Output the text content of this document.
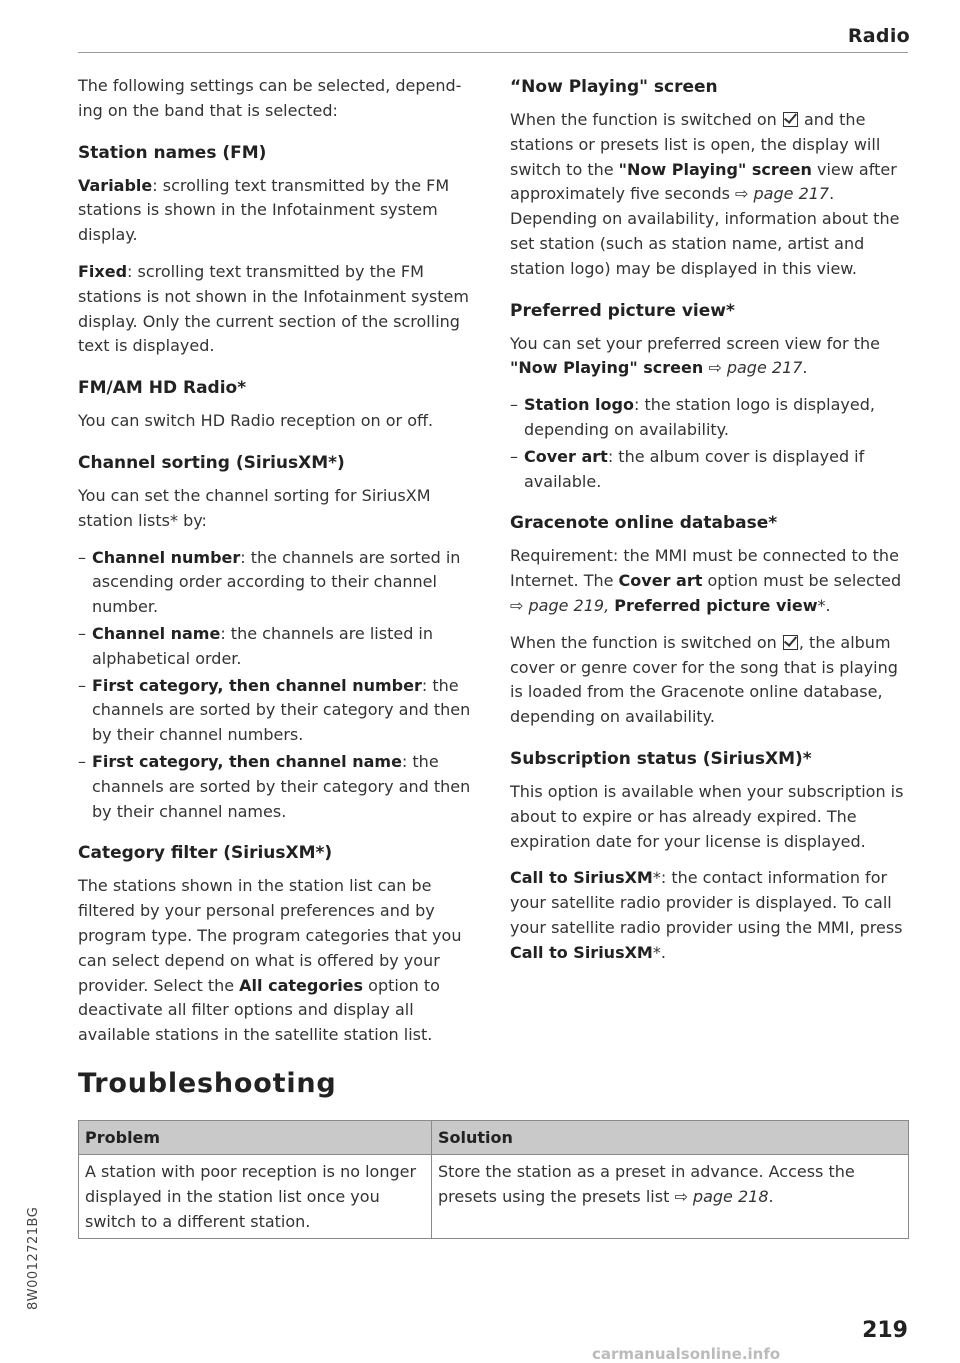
Radio

The following settings can be selected, depend-ing on the band that is selected:

Station names (FM)

Variable: scrolling text transmitted by the FM stations is shown in the Infotainment system display.

Fixed: scrolling text transmitted by the FM stations is not shown in the Infotainment system display. Only the current section of the scrolling text is displayed.

FM/AM HD Radio*

You can switch HD Radio reception on or off.

Channel sorting (SiriusXM*)

You can set the channel sorting for SiriusXM station lists* by:

– Channel number: the channels are sorted in ascending order according to their channel number.
– Channel name: the channels are listed in alphabetical order.
– First category, then channel number: the channels are sorted by their category and then by their channel numbers.
– First category, then channel name: the channels are sorted by their category and then by their channel names.
Category filter (SiriusXM*)

The stations shown in the station list can be filtered by your personal preferences and by program type. The program categories that you can select depend on what is offered by your provider. Select the All categories option to deactivate all filter options and display all available stations in the satellite station list.

“Now Playing" screen

When the function is switched on  and the stations or presets list is open, the display will switch to the "Now Playing" screen view after approximately five seconds ⇨ page 217. Depending on availability, information about the set station (such as station name, artist and station logo) may be displayed in this view.

Preferred picture view*

You can set your preferred screen view for the "Now Playing" screen ⇨ page 217.

– Station logo: the station logo is displayed, depending on availability.
– Cover art: the album cover is displayed if available.
Gracenote online database*

Requirement: the MMI must be connected to the Internet. The Cover art option must be selected ⇨ page 219, Preferred picture view*.

When the function is switched on , the album cover or genre cover for the song that is playing is loaded from the Gracenote online database, depending on availability.

Subscription status (SiriusXM)*

This option is available when your subscription is about to expire or has already expired. The expiration date for your license is displayed.

Call to SiriusXM*: the contact information for your satellite radio provider is displayed. To call your satellite radio provider using the MMI, press Call to SiriusXM*.

Troubleshooting
Problem	Solution
A station with poor reception is no longer displayed in the station list once you switch to a different station.	Store the station as a preset in advance. Access the presets using the presets list ⇨ page 218.
8W0012721BG
219
carmanualsonline.info
